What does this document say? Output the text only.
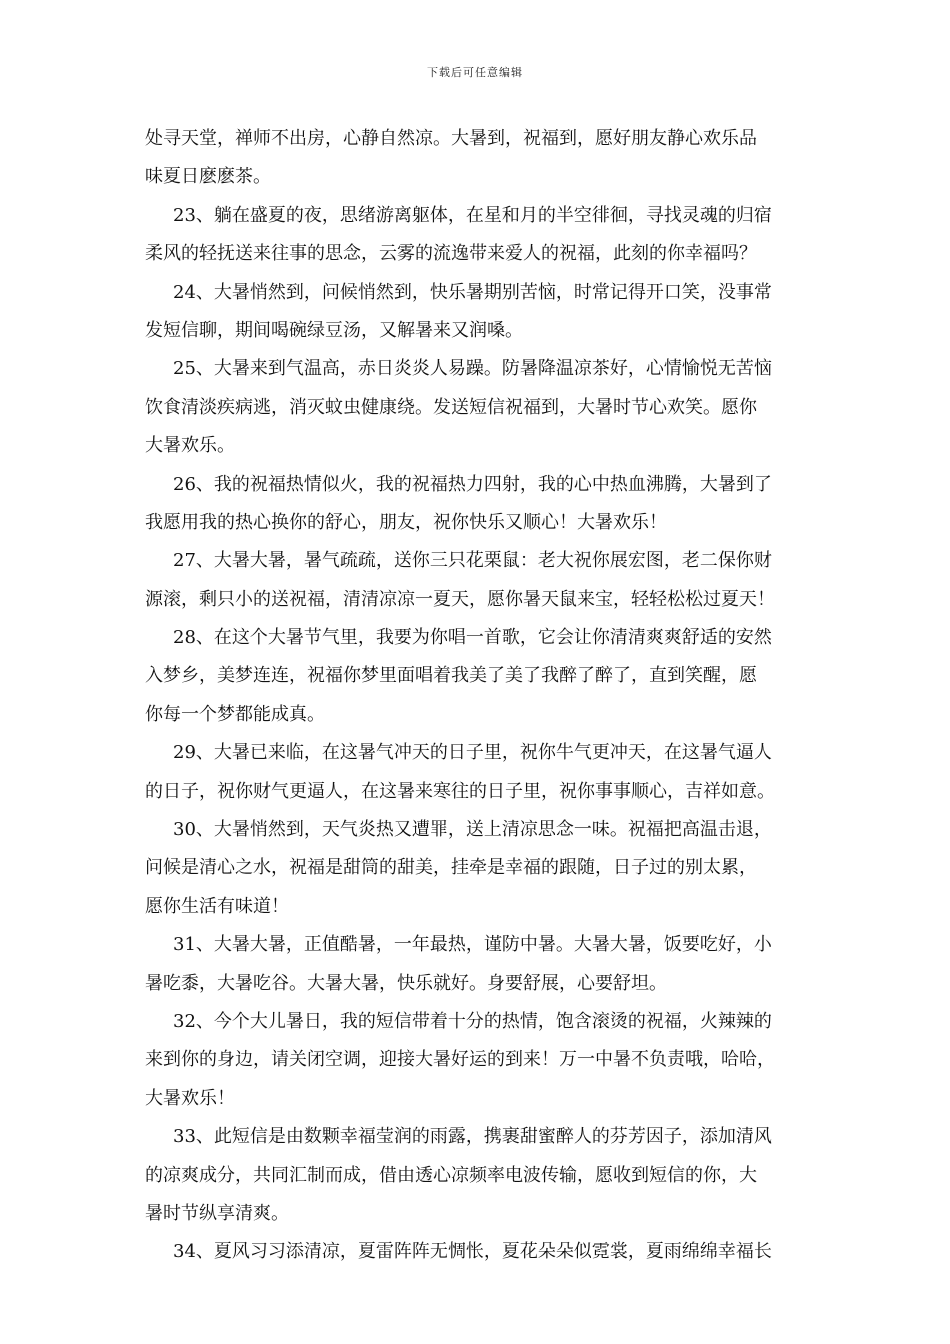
下载后可任意编辑
处寻天堂，禅师不出房，心静自然凉。大暑到，祝福到，愿好朋友静心欢乐品
味夏日麽麽茶。
23、躺在盛夏的夜，思绪游离躯体，在星和月的半空徘徊，寻找灵魂的归宿
柔风的轻抚送来往事的思念，云雾的流逸带来爱人的祝福，此刻的你幸福吗？
24、大暑悄然到，问候悄然到，快乐暑期别苦恼，时常记得开口笑，没事常
发短信聊，期间喝碗绿豆汤，又解暑来又润嗓。
25、大暑来到气温高，赤日炎炎人易躁。防暑降温凉茶好，心情愉悦无苦恼
饮食清淡疾病逃，消灭蚊虫健康绕。发送短信祝福到，大暑时节心欢笑。愿你
大暑欢乐。
26、我的祝福热情似火，我的祝福热力四射，我的心中热血沸腾，大暑到了
我愿用我的热心换你的舒心，朋友，祝你快乐又顺心！大暑欢乐！
27、大暑大暑，暑气疏疏，送你三只花栗鼠：老大祝你展宏图，老二保你财
源滚，剩只小的送祝福，清清凉凉一夏天，愿你暑天鼠来宝，轻轻松松过夏天！
28、在这个大暑节气里，我要为你唱一首歌，它会让你清清爽爽舒适的安然
入梦乡，美梦连连，祝福你梦里面唱着我美了美了我醉了醉了，直到笑醒，愿
你每一个梦都能成真。
29、大暑已来临，在这暑气冲天的日子里，祝你牛气更冲天，在这暑气逼人
的日子，祝你财气更逼人，在这暑来寒往的日子里，祝你事事顺心，吉祥如意。
30、大暑悄然到，天气炎热又遭罪，送上清凉思念一味。祝福把高温击退，
问候是清心之水，祝福是甜筒的甜美，挂牵是幸福的跟随，日子过的别太累，
愿你生活有味道！
31、大暑大暑，正值酷暑，一年最热，谨防中暑。大暑大暑，饭要吃好，小
暑吃黍，大暑吃谷。大暑大暑，快乐就好。身要舒展，心要舒坦。
32、今个大儿暑日，我的短信带着十分的热情，饱含滚烫的祝福，火辣辣的
来到你的身边，请关闭空调，迎接大暑好运的到来！万一中暑不负责哦，哈哈，
大暑欢乐！
33、此短信是由数颗幸福莹润的雨露，携裹甜蜜醉人的芬芳因子，添加清风
的凉爽成分，共同汇制而成，借由透心凉频率电波传输，愿收到短信的你，大
暑时节纵享清爽。
34、夏风习习添清凉，夏雷阵阵无惆怅，夏花朵朵似霓裳，夏雨绵绵幸福长
